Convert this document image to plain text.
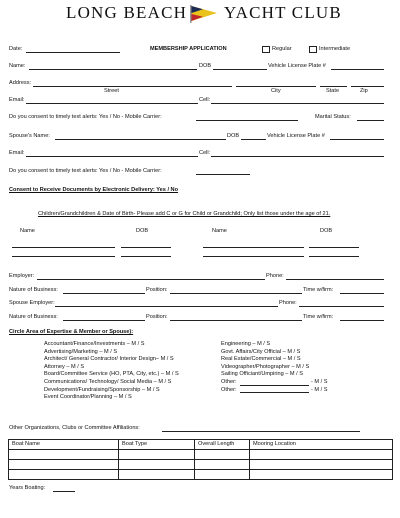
LONG BEACH YACHT CLUB
Date:	MEMBERSHIP APPLICATION	Regular	Intermediate
Name:	DOB	Vehicle License Plate #
Address:
Street	City	State	Zip
Email:	Cell:
Do you consent to timely text alerts: Yes / No - Mobile Carrier:	Marital Status:
Spouse's Name:	DOB	Vehicle License Plate #
Email:	Cell:
Do you consent to timely text alerts: Yes / No - Mobile Carrier:
Consent to Receive Documents by Electronic Delivery: Yes / No
Children/Grandchildren & Date of Birth- Please add C or G for Child or Grandchild; Only list those under the age of 21.
Name	DOB	Name	DOB
Employer:	Phone:
Nature of Business:	Position:	Time w/firm:
Spouse Employer:	Phone:
Nature of Business:	Position:	Time w/firm:
Circle Area of Expertise & Member or Spouse):
Accountant/Finance/Investments – M / S
Advertising/Marketing – M / S
Architect/ General Contractor/ Interior Design– M / S
Attorney – M / S
Board/Committee Service (HO, PTA, City, etc.) – M / S
Communications/ Technology/ Social Media – M / S
Development/Fundraising/Sponsorship – M / S
Event Coordinator/Planning – M / S
Engineering – M / S
Govt. Affairs/City Official – M / S
Real Estate/Commercial – M / S
Videographer/Photographer – M / S
Sailing Officiant/Umpiring – M / S
Other:	- M / S
Other:	- M / S
Other Organizations, Clubs or Committee Affiliations:
Boat Name	Boat Type	Overall Length	Mooring Location

Years Boating:
